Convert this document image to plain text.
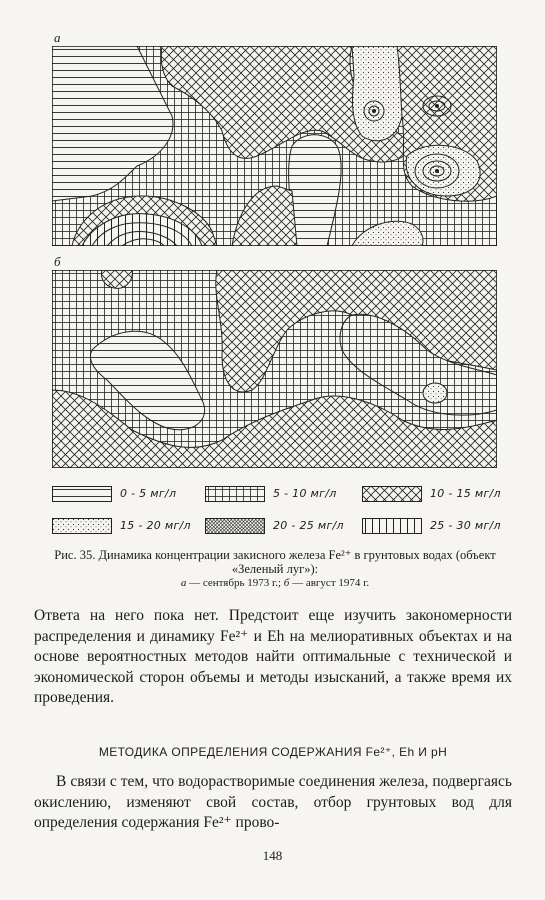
а
б
0 - 5 мг/л	5 - 10 мг/л	10 - 15 мг/л
15 - 20 мг/л	20 - 25 мг/л	25 - 30 мг/л
Рис. 35. Динамика концентрации закисного железа Fe²⁺ в грунтовых водах (объект «Зеленый луг»):
а — сентябрь 1973 г.; б — август 1974 г.

Ответа на него пока нет. Предстоит еще изучить закономерности распределения и динамику Fe²⁺ и Eh на мелиоративных объектах и на основе вероятностных методов найти оптимальные с технической и экономической сторон объемы и методы изысканий, а также время их проведения.

МЕТОДИКА ОПРЕДЕЛЕНИЯ СОДЕРЖАНИЯ Fe²⁺, Eh И pH

В связи с тем, что водорастворимые соединения железа, подвергаясь окислению, изменяют свой состав, отбор грунтовых вод для определения содержания Fe²⁺ прово-

148
